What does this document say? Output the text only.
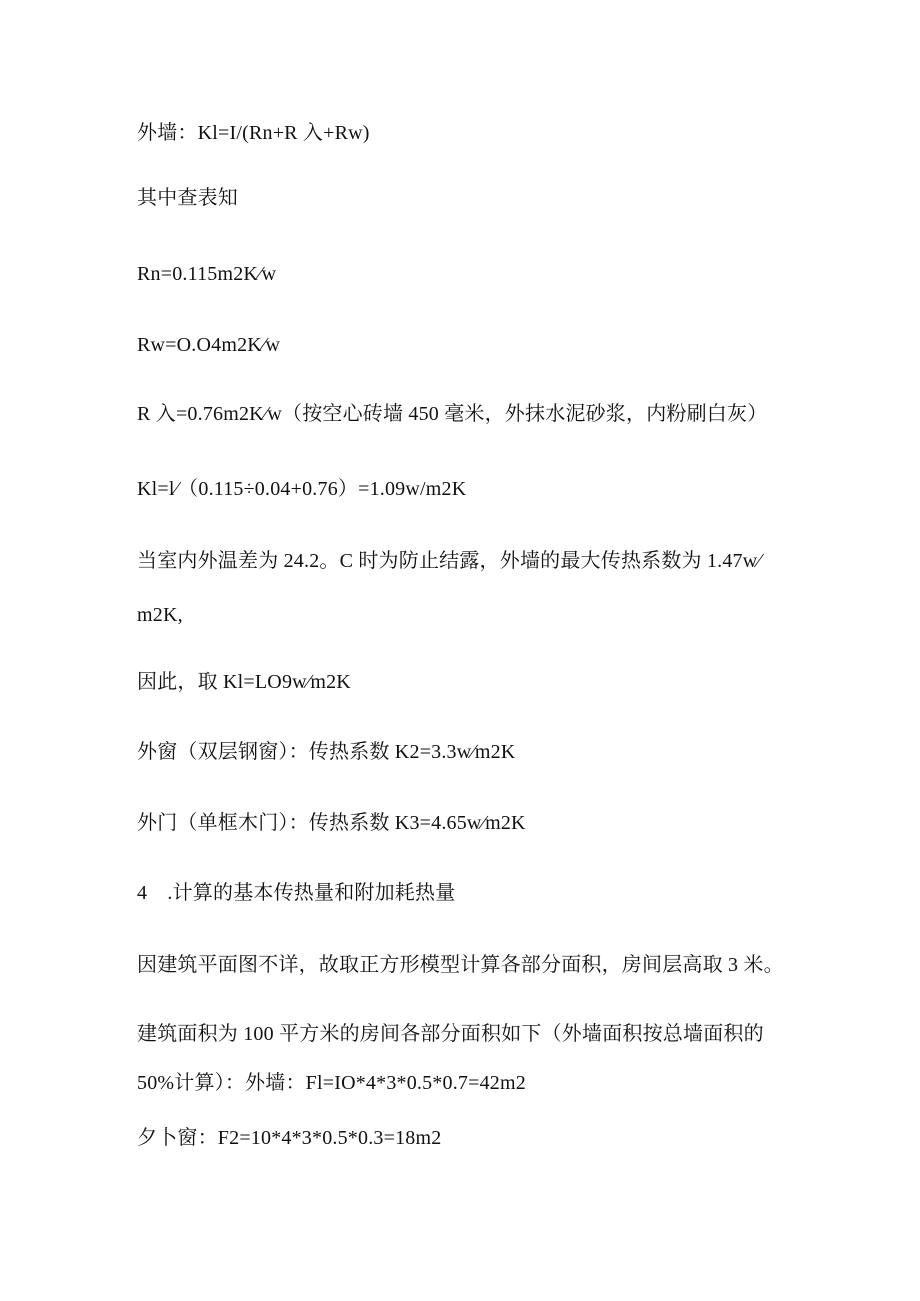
外墙：Kl=I/(Rn+R 入+Rw)

其中查表知

Rn=0.115m2K∕w

Rw=O.O4m2K∕w

R 入=0.76m2K∕w（按空心砖墙 450 毫米，外抹水泥砂浆，内粉刷白灰）

Kl=l∕（0.115÷0.04+0.76）=1.09w/m2K

当室内外温差为 24.2。C 时为防止结露，外墙的最大传热系数为 1.47w∕

m2K,

因此，取 Kl=LO9w∕m2K

外窗（双层钢窗）：传热系数 K2=3.3w∕m2K

外门（单框木门）：传热系数 K3=4.65w∕m2K

4　.计算的基本传热量和附加耗热量

因建筑平面图不详，故取正方形模型计算各部分面积，房间层高取 3 米。

建筑面积为 100 平方米的房间各部分面积如下（外墙面积按总墙面积的

50%计算）：外墙：Fl=IO*4*3*0.5*0.7=42m2

夕卜窗：F2=10*4*3*0.5*0.3=18m2
